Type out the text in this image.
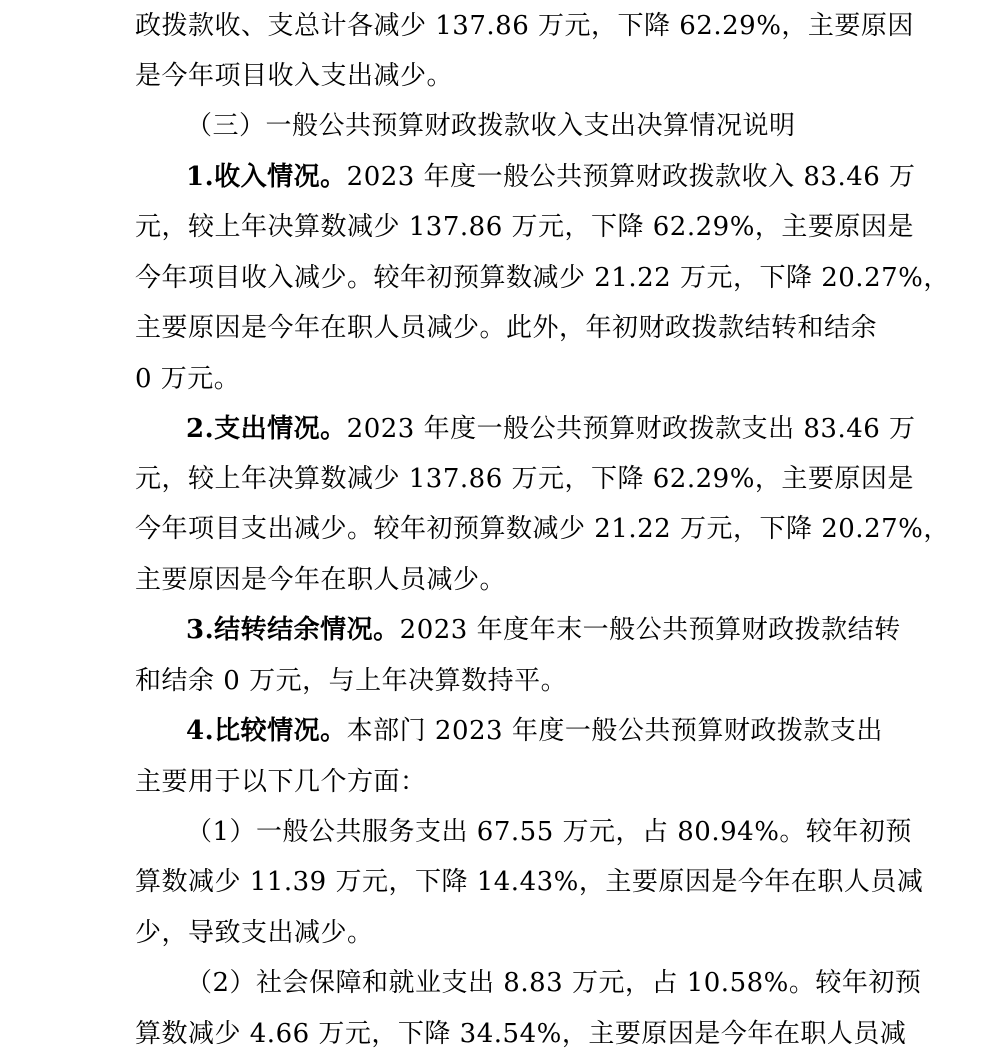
政拨款收、支总计各减少 137.86 万元，下降 62.29%，主要原因
是今年项目收入支出减少。
（三）一般公共预算财政拨款收入支出决算情况说明
1.收入情况。2023 年度一般公共预算财政拨款收入 83.46 万
元，较上年决算数减少 137.86 万元，下降 62.29%，主要原因是
今年项目收入减少。较年初预算数减少 21.22 万元，下降 20.27%，
主要原因是今年在职人员减少。此外，年初财政拨款结转和结余
0 万元。
2.支出情况。2023 年度一般公共预算财政拨款支出 83.46 万
元，较上年决算数减少 137.86 万元，下降 62.29%，主要原因是
今年项目支出减少。较年初预算数减少 21.22 万元，下降 20.27%，
主要原因是今年在职人员减少。
3.结转结余情况。2023 年度年末一般公共预算财政拨款结转
和结余 0 万元，与上年决算数持平。
4.比较情况。本部门 2023 年度一般公共预算财政拨款支出
主要用于以下几个方面：
（1）一般公共服务支出 67.55 万元，占 80.94%。较年初预
算数减少 11.39 万元，下降 14.43%，主要原因是今年在职人员减
少，导致支出减少。
（2）社会保障和就业支出 8.83 万元，占 10.58%。较年初预
算数减少 4.66 万元，下降 34.54%，主要原因是今年在职人员减
